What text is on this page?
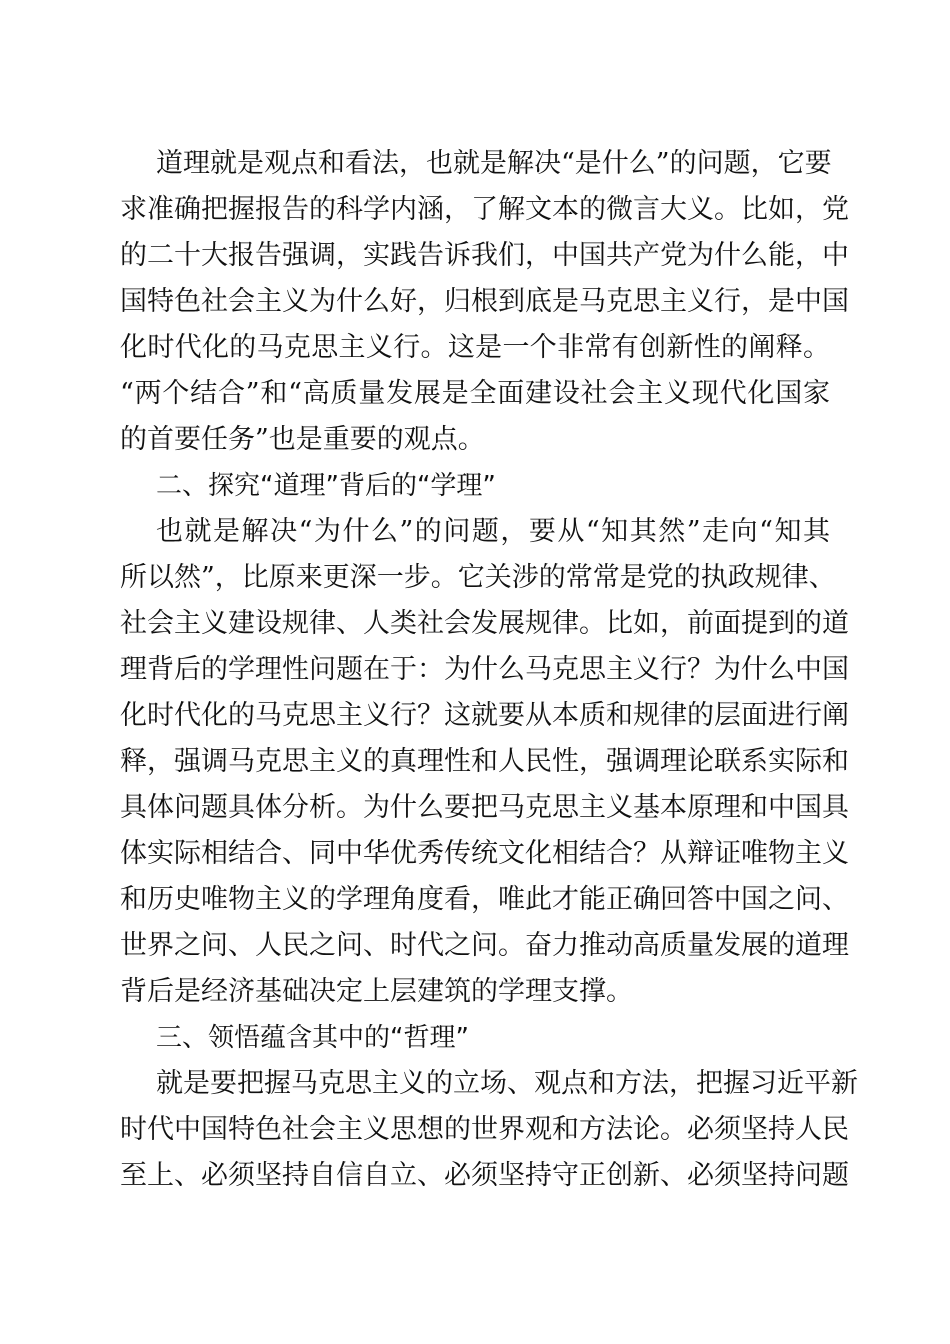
道理就是观点和看法，也就是解决“是什么”的问题，它要
求准确把握报告的科学内涵，了解文本的微言大义。比如，党
的二十大报告强调，实践告诉我们，中国共产党为什么能，中
国特色社会主义为什么好，归根到底是马克思主义行，是中国
化时代化的马克思主义行。这是一个非常有创新性的阐释。
“两个结合”和“高质量发展是全面建设社会主义现代化国家
的首要任务”也是重要的观点。
二、探究“道理”背后的“学理”
也就是解决“为什么”的问题，要从“知其然”走向“知其
所以然”，比原来更深一步。它关涉的常常是党的执政规律、
社会主义建设规律、人类社会发展规律。比如，前面提到的道
理背后的学理性问题在于：为什么马克思主义行？为什么中国
化时代化的马克思主义行？这就要从本质和规律的层面进行阐
释，强调马克思主义的真理性和人民性，强调理论联系实际和
具体问题具体分析。为什么要把马克思主义基本原理和中国具
体实际相结合、同中华优秀传统文化相结合？从辩证唯物主义
和历史唯物主义的学理角度看，唯此才能正确回答中国之问、
世界之问、人民之问、时代之问。奋力推动高质量发展的道理
背后是经济基础决定上层建筑的学理支撑。
三、领悟蕴含其中的“哲理”
就是要把握马克思主义的立场、观点和方法，把握习近平新
时代中国特色社会主义思想的世界观和方法论。必须坚持人民
至上、必须坚持自信自立、必须坚持守正创新、必须坚持问题
